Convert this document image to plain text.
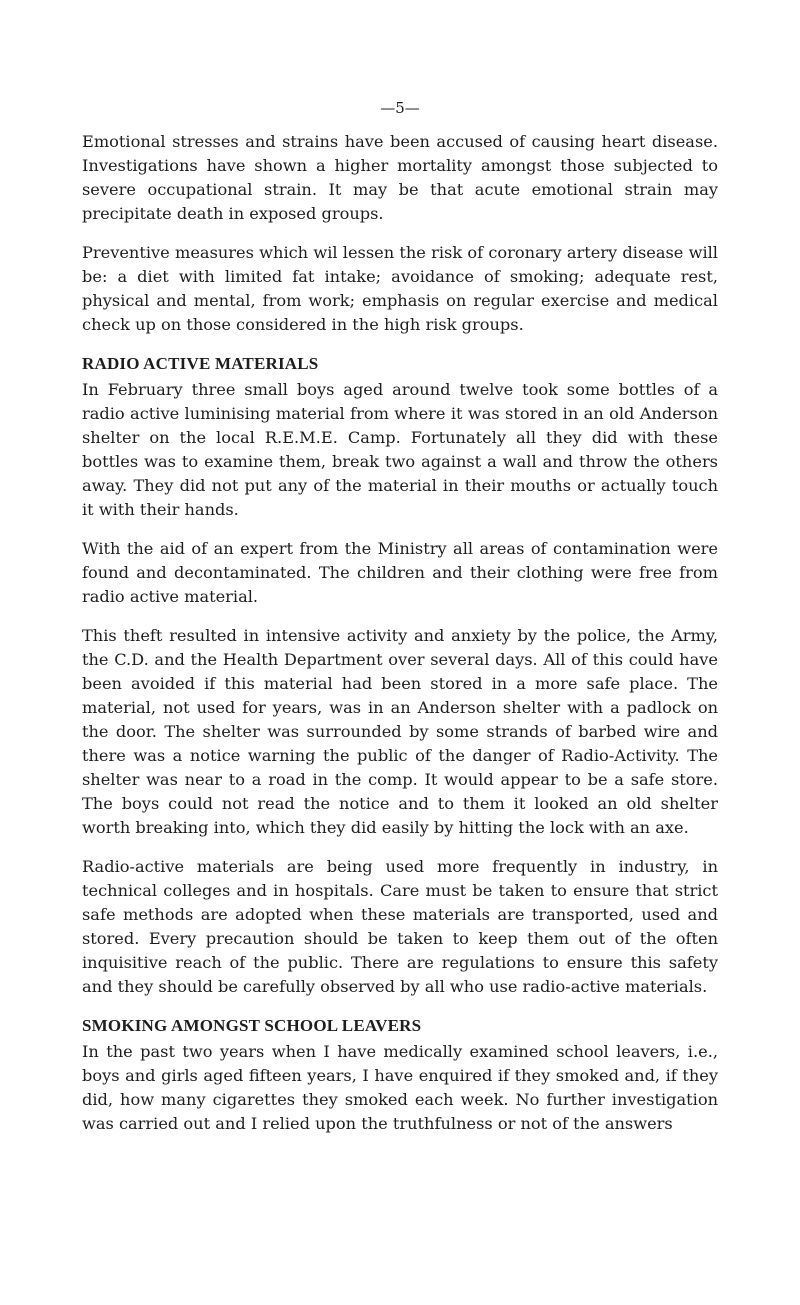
—5—

Emotional stresses and strains have been accused of causing heart disease. Investigations have shown a higher mortality amongst those subjected to severe occupational strain. It may be that acute emotional strain may precipitate death in exposed groups.

Preventive measures which wil lessen the risk of coronary artery disease will be: a diet with limited fat intake; avoidance of smoking; adequate rest, physical and mental, from work; emphasis on regular exercise and medical check up on those considered in the high risk groups.

RADIO ACTIVE MATERIALS

In February three small boys aged around twelve took some bottles of a radio active luminising material from where it was stored in an old Anderson shelter on the local R.E.M.E. Camp. Fortunately all they did with these bottles was to examine them, break two against a wall and throw the others away. They did not put any of the material in their mouths or actually touch it with their hands.

With the aid of an expert from the Ministry all areas of contamination were found and decontaminated. The children and their clothing were free from radio active material.

This theft resulted in intensive activity and anxiety by the police, the Army, the C.D. and the Health Department over several days. All of this could have been avoided if this material had been stored in a more safe place. The material, not used for years, was in an Anderson shelter with a padlock on the door. The shelter was surrounded by some strands of barbed wire and there was a notice warning the public of the danger of Radio-Activity. The shelter was near to a road in the comp. It would appear to be a safe store. The boys could not read the notice and to them it looked an old shelter worth breaking into, which they did easily by hitting the lock with an axe.

Radio-active materials are being used more frequently in industry, in technical colleges and in hospitals. Care must be taken to ensure that strict safe methods are adopted when these materials are transported, used and stored. Every precaution should be taken to keep them out of the often inquisitive reach of the public. There are regulations to ensure this safety and they should be carefully observed by all who use radio-active materials.

SMOKING AMONGST SCHOOL LEAVERS

In the past two years when I have medically examined school leavers, i.e., boys and girls aged fifteen years, I have enquired if they smoked and, if they did, how many cigarettes they smoked each week. No further investigation was carried out and I relied upon the truthfulness or not of the answers
